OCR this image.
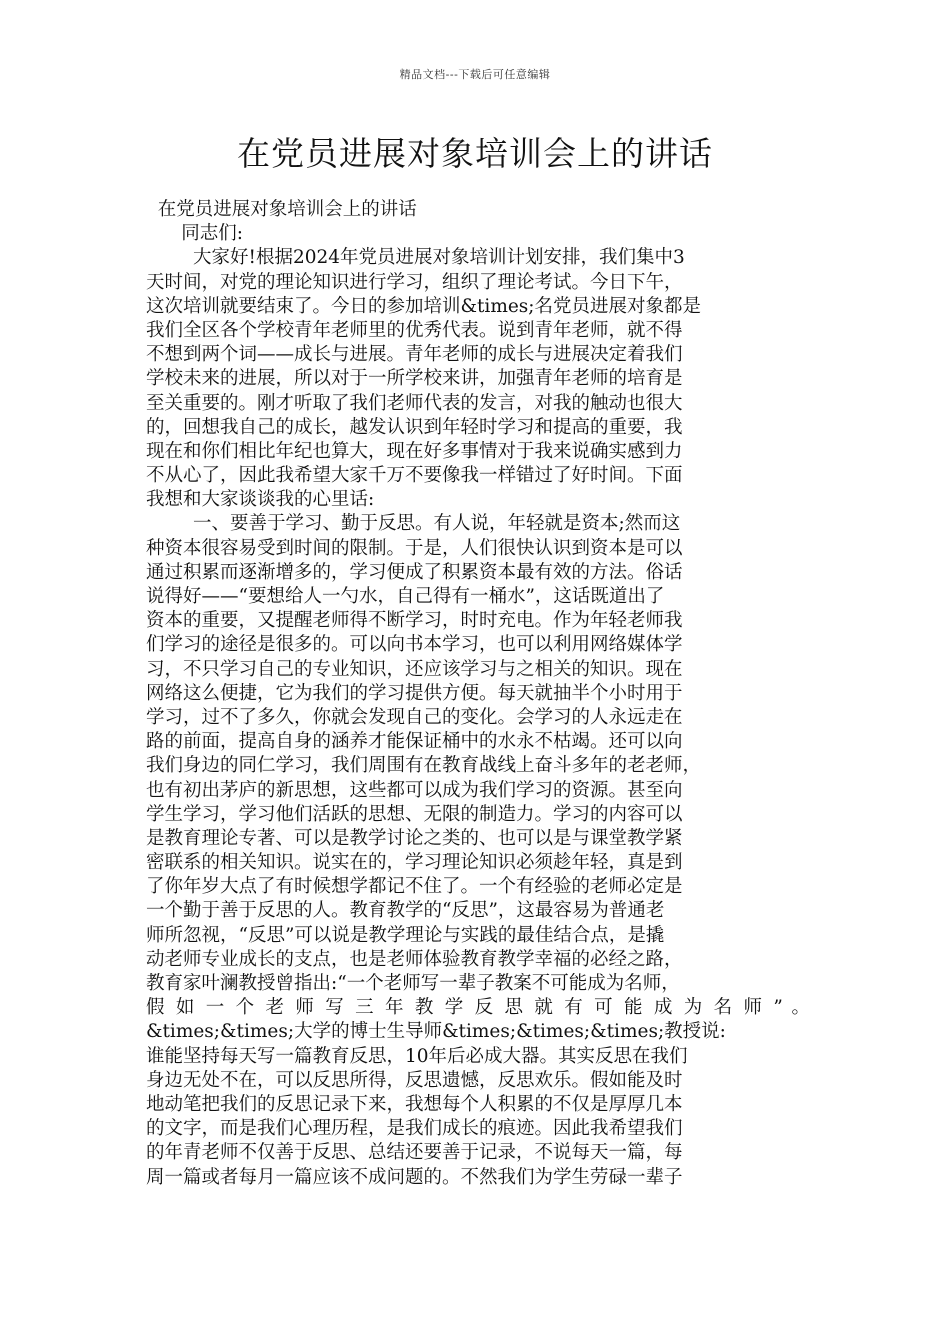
精品文档---下载后可任意编辑
在党员进展对象培训会上的讲话
在党员进展对象培训会上的讲话
同志们:
大家好!根据2024年党员进展对象培训计划安排，我们集中3
天时间，对党的理论知识进行学习，组织了理论考试。今日下午，
这次培训就要结束了。今日的参加培训&times;名党员进展对象都是
我们全区各个学校青年老师里的优秀代表。说到青年老师，就不得
不想到两个词——成长与进展。青年老师的成长与进展决定着我们
学校未来的进展，所以对于一所学校来讲，加强青年老师的培育是
至关重要的。刚才听取了我们老师代表的发言，对我的触动也很大
的，回想我自己的成长，越发认识到年轻时学习和提高的重要，我
现在和你们相比年纪也算大，现在好多事情对于我来说确实感到力
不从心了，因此我希望大家千万不要像我一样错过了好时间。下面
我想和大家谈谈我的心里话:
一、要善于学习、勤于反思。有人说，年轻就是资本;然而这
种资本很容易受到时间的限制。于是，人们很快认识到资本是可以
通过积累而逐渐增多的，学习便成了积累资本最有效的方法。俗话
说得好——“要想给人一勺水，自己得有一桶水”，这话既道出了
资本的重要，又提醒老师得不断学习，时时充电。作为年轻老师我
们学习的途径是很多的。可以向书本学习，也可以利用网络媒体学
习，不只学习自己的专业知识，还应该学习与之相关的知识。现在
网络这么便捷，它为我们的学习提供方便。每天就抽半个小时用于
学习，过不了多久，你就会发现自己的变化。会学习的人永远走在
路的前面，提高自身的涵养才能保证桶中的水永不枯竭。还可以向
我们身边的同仁学习，我们周围有在教育战线上奋斗多年的老老师，
也有初出茅庐的新思想，这些都可以成为我们学习的资源。甚至向
学生学习，学习他们活跃的思想、无限的制造力。学习的内容可以
是教育理论专著、可以是教学讨论之类的、也可以是与课堂教学紧
密联系的相关知识。说实在的，学习理论知识必须趁年轻，真是到
了你年岁大点了有时候想学都记不住了。一个有经验的老师必定是
一个勤于善于反思的人。教育教学的“反思”，这最容易为普通老
师所忽视，“反思”可以说是教学理论与实践的最佳结合点，是撬
动老师专业成长的支点，也是老师体验教育教学幸福的必经之路，
教育家叶澜教授曾指出:“一个老师写一辈子教案不可能成为名师，
假 如 一 个 老 师 写 三 年 教 学 反 思 就 有 可 能 成 为 名 师 ” 。
&times;&times;大学的博士生导师&times;&times;&times;教授说:
谁能坚持每天写一篇教育反思，10年后必成大器。其实反思在我们
身边无处不在，可以反思所得，反思遗憾，反思欢乐。假如能及时
地动笔把我们的反思记录下来，我想每个人积累的不仅是厚厚几本
的文字，而是我们心理历程，是我们成长的痕迹。因此我希望我们
的年青老师不仅善于反思、总结还要善于记录，不说每天一篇，每
周一篇或者每月一篇应该不成问题的。不然我们为学生劳碌一辈子
